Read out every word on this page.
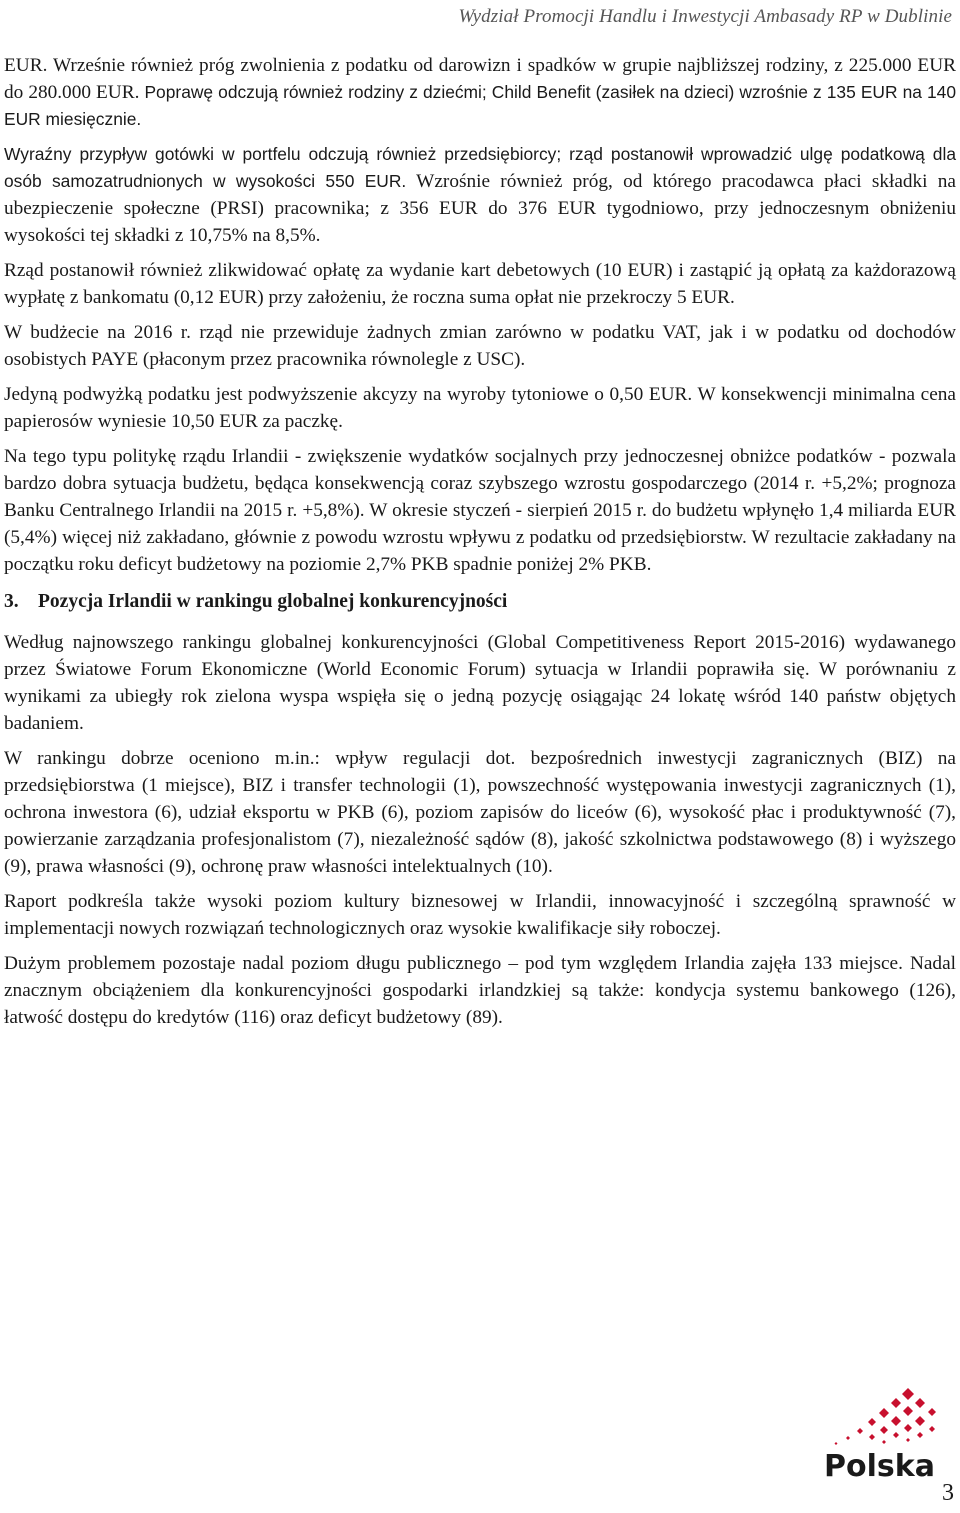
Wydział Promocji Handlu i Inwestycji Ambasady RP w Dublinie

EUR. Wrześnie również próg zwolnienia z podatku od darowizn i spadków w grupie najbliższej rodziny, z 225.000 EUR do 280.000 EUR. Poprawę odczują również rodziny z dziećmi; Child Benefit (zasiłek na dzieci) wzrośnie z 135 EUR na 140 EUR miesięcznie.

Wyraźny przypływ gotówki w portfelu odczują również przedsiębiorcy; rząd postanowił wprowadzić ulgę podatkową dla osób samozatrudnionych w wysokości 550 EUR. Wzrośnie również próg, od którego pracodawca płaci składki na ubezpieczenie społeczne (PRSI) pracownika; z 356 EUR do 376 EUR tygodniowo, przy jednoczesnym obniżeniu wysokości tej składki z 10,75% na 8,5%.

Rząd postanowił również zlikwidować opłatę za wydanie kart debetowych (10 EUR) i zastąpić ją opłatą za każdorazową wypłatę z bankomatu (0,12 EUR) przy założeniu, że roczna suma opłat nie przekroczy 5 EUR.

W budżecie na 2016 r. rząd nie przewiduje żadnych zmian zarówno w podatku VAT, jak i w podatku od dochodów osobistych PAYE (płaconym przez pracownika równolegle z USC).

Jedyną podwyżką podatku jest podwyższenie akcyzy na wyroby tytoniowe o 0,50 EUR. W konsekwencji minimalna cena papierosów wyniesie 10,50 EUR za paczkę.

Na tego typu politykę rządu Irlandii - zwiększenie wydatków socjalnych przy jednoczesnej obniżce podatków - pozwala bardzo dobra sytuacja budżetu, będąca konsekwencją coraz szybszego wzrostu gospodarczego (2014 r. +5,2%; prognoza Banku Centralnego Irlandii na 2015 r. +5,8%). W okresie styczeń - sierpień 2015 r. do budżetu wpłynęło 1,4 miliarda EUR (5,4%) więcej niż zakładano, głównie z powodu wzrostu wpływu z podatku od przedsiębiorstw. W rezultacie zakładany na początku roku deficyt budżetowy na poziomie 2,7% PKB spadnie poniżej 2% PKB.

3. Pozycja Irlandii w rankingu globalnej konkurencyjności

Według najnowszego rankingu globalnej konkurencyjności (Global Competitiveness Report 2015-2016) wydawanego przez Światowe Forum Ekonomiczne (World Economic Forum) sytuacja w Irlandii poprawiła się. W porównaniu z wynikami za ubiegły rok zielona wyspa wspięła się o jedną pozycję osiągając 24 lokatę wśród 140 państw objętych badaniem.

W rankingu dobrze oceniono m.in.: wpływ regulacji dot. bezpośrednich inwestycji zagranicznych (BIZ) na przedsiębiorstwa (1 miejsce), BIZ i transfer technologii (1), powszechność występowania inwestycji zagranicznych (1), ochrona inwestora (6), udział eksportu w PKB (6), poziom zapisów do liceów (6), wysokość płac i produktywność (7), powierzanie zarządzania profesjonalistom (7), niezależność sądów (8), jakość szkolnictwa podstawowego (8) i wyższego (9), prawa własności (9), ochronę praw własności intelektualnych (10).

Raport podkreśla także wysoki poziom kultury biznesowej w Irlandii, innowacyjność i szczególną sprawność w implementacji nowych rozwiązań technologicznych oraz wysokie kwalifikacje siły roboczej.

Dużym problemem pozostaje nadal poziom długu publicznego – pod tym względem Irlandia zajęła 133 miejsce. Nadal znacznym obciążeniem dla konkurencyjności gospodarki irlandzkiej są także: kondycja systemu bankowego (126), łatwość dostępu do kredytów (116) oraz deficyt budżetowy (89).

Polska
3
